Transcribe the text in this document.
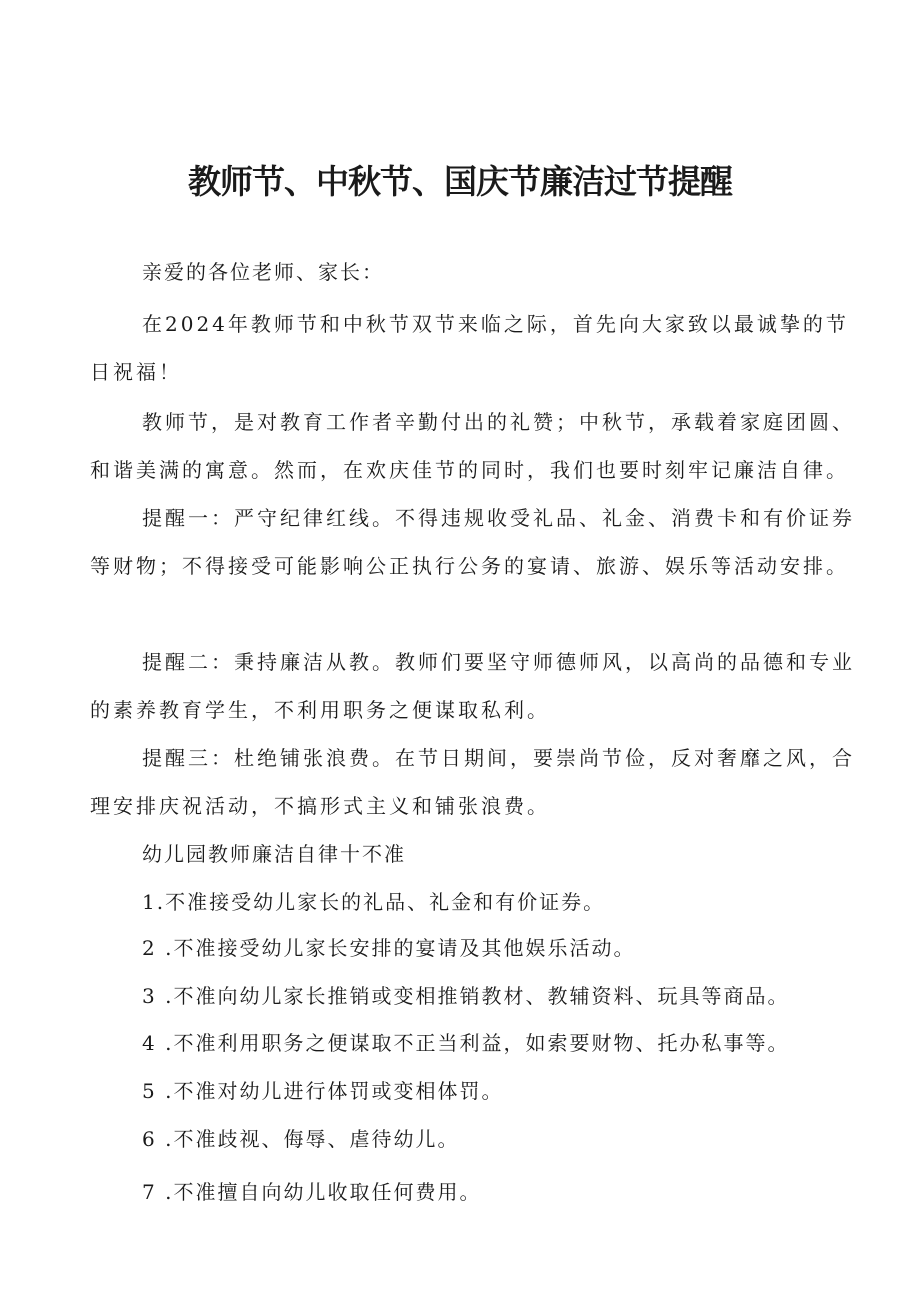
教师节、中秋节、国庆节廉洁过节提醒

亲爱的各位老师、家长：

在2024年教师节和中秋节双节来临之际，首先向大家致以最诚挚的节日祝福！

教师节，是对教育工作者辛勤付出的礼赞；中秋节，承载着家庭团圆、和谐美满的寓意。然而，在欢庆佳节的同时，我们也要时刻牢记廉洁自律。

提醒一：严守纪律红线。不得违规收受礼品、礼金、消费卡和有价证券等财物；不得接受可能影响公正执行公务的宴请、旅游、娱乐等活动安排。

提醒二：秉持廉洁从教。教师们要坚守师德师风，以高尚的品德和专业的素养教育学生，不利用职务之便谋取私利。

提醒三：杜绝铺张浪费。在节日期间，要崇尚节俭，反对奢靡之风，合理安排庆祝活动，不搞形式主义和铺张浪费。

幼儿园教师廉洁自律十不准

1.不准接受幼儿家长的礼品、礼金和有价证券。

2 .不准接受幼儿家长安排的宴请及其他娱乐活动。

3 .不准向幼儿家长推销或变相推销教材、教辅资料、玩具等商品。

4 .不准利用职务之便谋取不正当利益，如索要财物、托办私事等。

5 .不准对幼儿进行体罚或变相体罚。

6 .不准歧视、侮辱、虐待幼儿。

7 .不准擅自向幼儿收取任何费用。
